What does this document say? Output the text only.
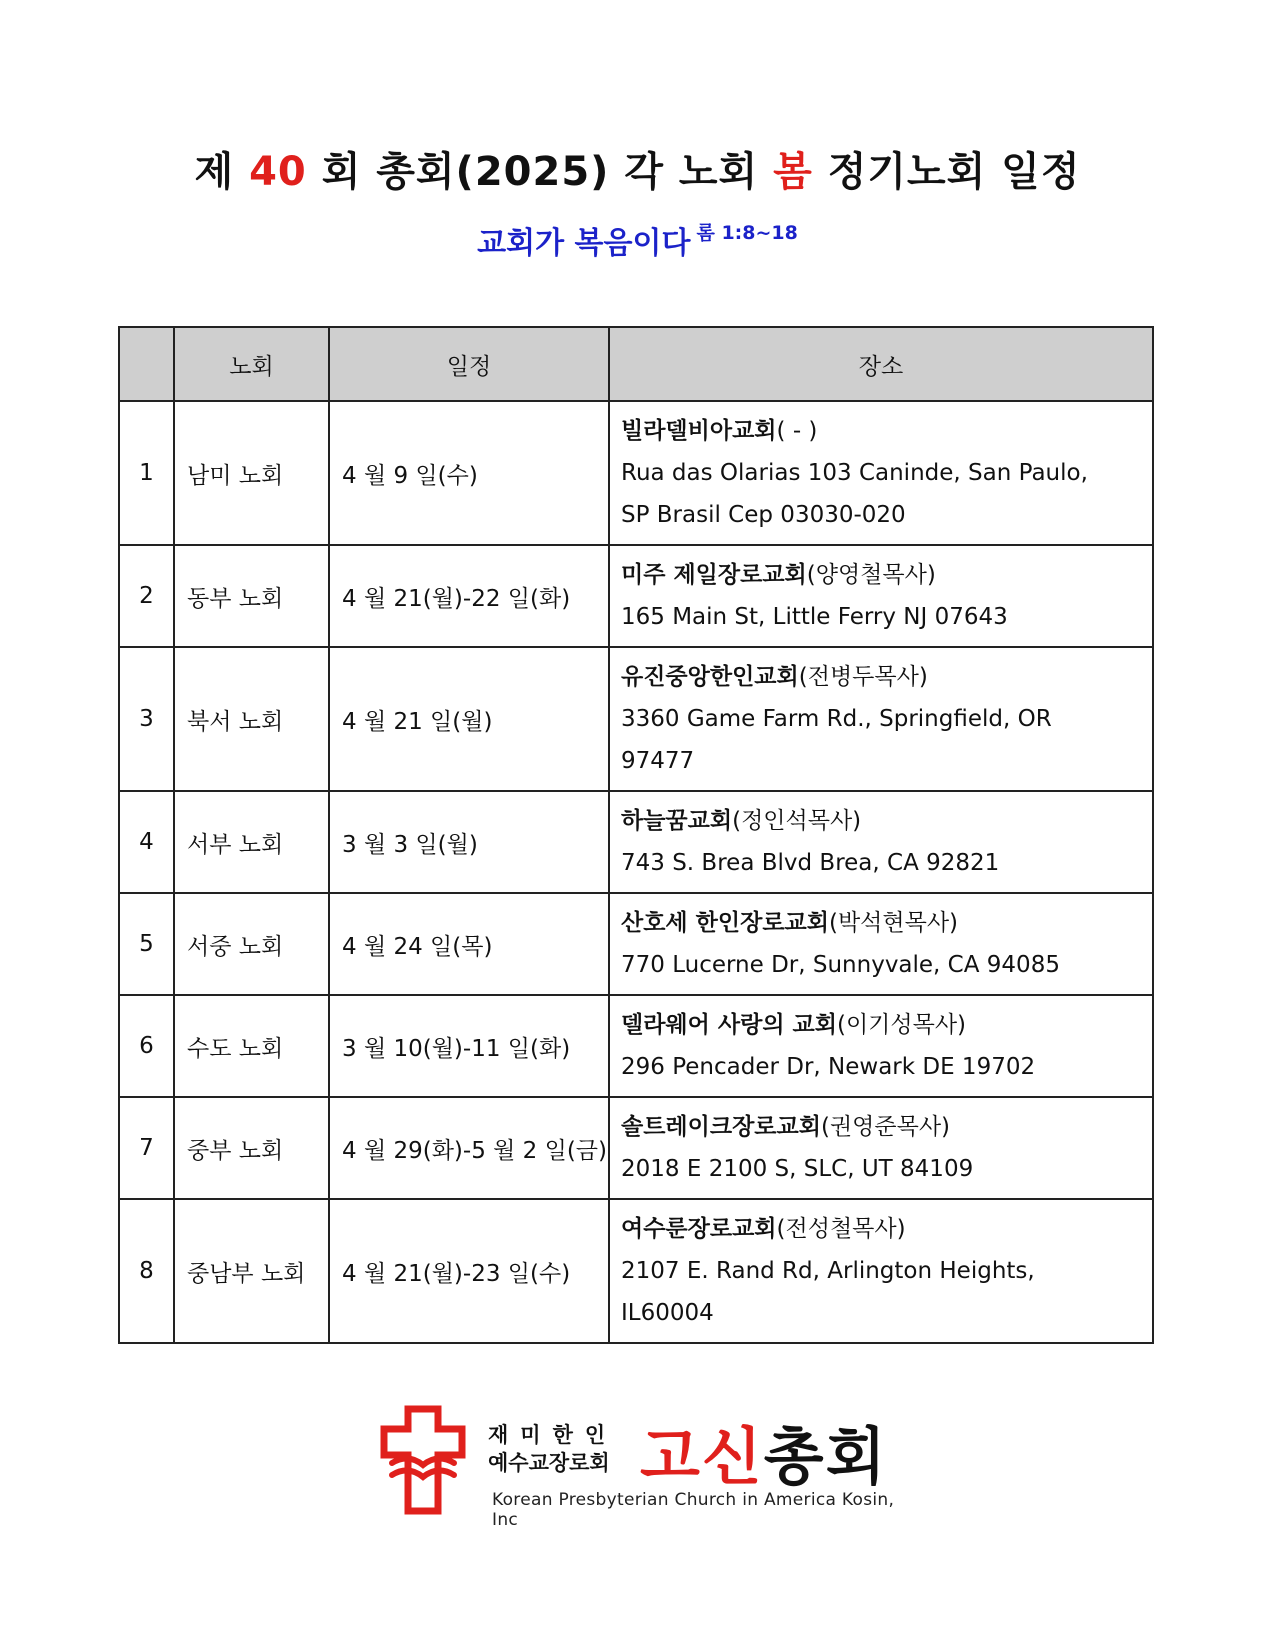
제 40 회 총회(2025) 각 노회 봄 정기노회 일정
교회가 복음이다 $^{롬 1:8\sim 18}$
	노회	일정	장소
1	남미 노회	4 월 9 일(수)	빌라델비아교회( - )
Rua das Olarias 103 Caninde, San Paulo,
SP Brasil Cep 03030-020

2	동부 노회	4 월 21(월)-22 일(화)	미주 제일장로교회(양영철목사)
165 Main St, Little Ferry NJ 07643

3	북서 노회	4 월 21 일(월)	유진중앙한인교회(전병두목사)
3360 Game Farm Rd., Springfield, OR
97477

4	서부 노회	3 월 3 일(월)	하늘꿈교회(정인석목사)
743 S. Brea Blvd Brea, CA 92821

5	서중 노회	4 월 24 일(목)	산호세 한인장로교회(박석현목사)
770 Lucerne Dr, Sunnyvale, CA 94085

6	수도 노회	3 월 10(월)-11 일(화)	델라웨어 사랑의 교회(이기성목사)
296 Pencader Dr, Newark DE 19702

7	중부 노회	4 월 29(화)-5 월 2 일(금)	솔트레이크장로교회(권영준목사)
2018 E 2100 S, SLC, UT 84109

8	중남부 노회	4 월 21(월)-23 일(수)	여수룬장로교회(전성철목사)
2107 E. Rand Rd, Arlington Heights,
IL60004
재미한인
예수교장로회 고신총회
Korean Presbyterian Church in America Kosin, Inc
